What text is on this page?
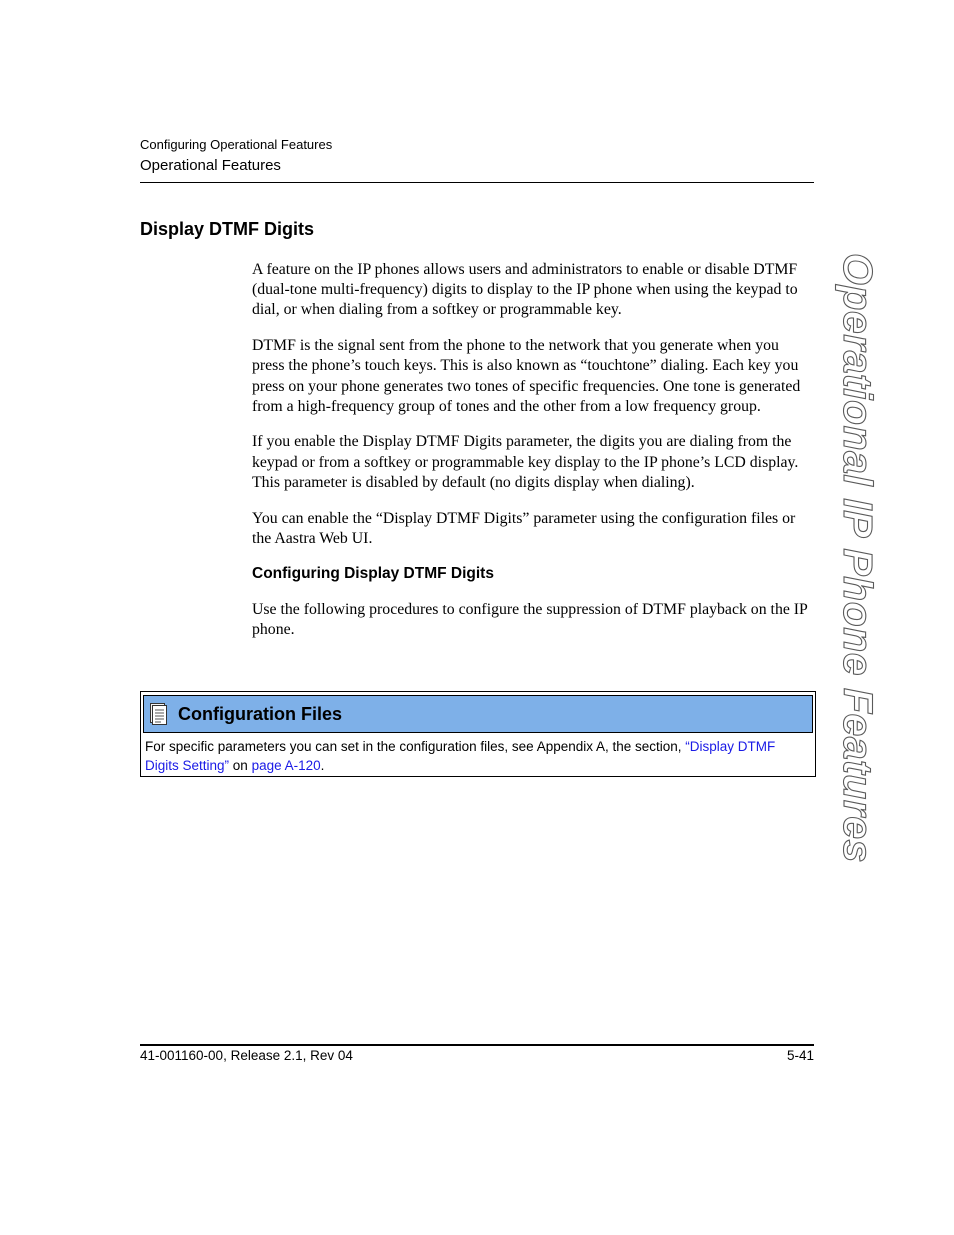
Configuring Operational Features
Operational Features
Display DTMF Digits

A feature on the IP phones allows users and administrators to enable or disable DTMF (dual-tone multi-frequency) digits to display to the IP phone when using the keypad to dial, or when dialing from a softkey or programmable key.

DTMF is the signal sent from the phone to the network that you generate when you press the phone’s touch keys. This is also known as “touchtone” dialing. Each key you press on your phone generates two tones of specific frequencies. One tone is generated from a high-frequency group of tones and the other from a low frequency group.

If you enable the Display DTMF Digits parameter, the digits you are dialing from the keypad or from a softkey or programmable key display to the IP phone’s LCD display. This parameter is disabled by default (no digits display when dialing).

You can enable the “Display DTMF Digits” parameter using the configuration files or the Aastra Web UI.

Configuring Display DTMF Digits

Use the following procedures to configure the suppression of DTMF playback on the IP phone.

Configuration Files
For specific parameters you can set in the configuration files, see Appendix A, the section, “Display DTMF Digits Setting” on page A-120.	Operational IP Phone Features
41-001160-00, Release 2.1, Rev 04	5-41
